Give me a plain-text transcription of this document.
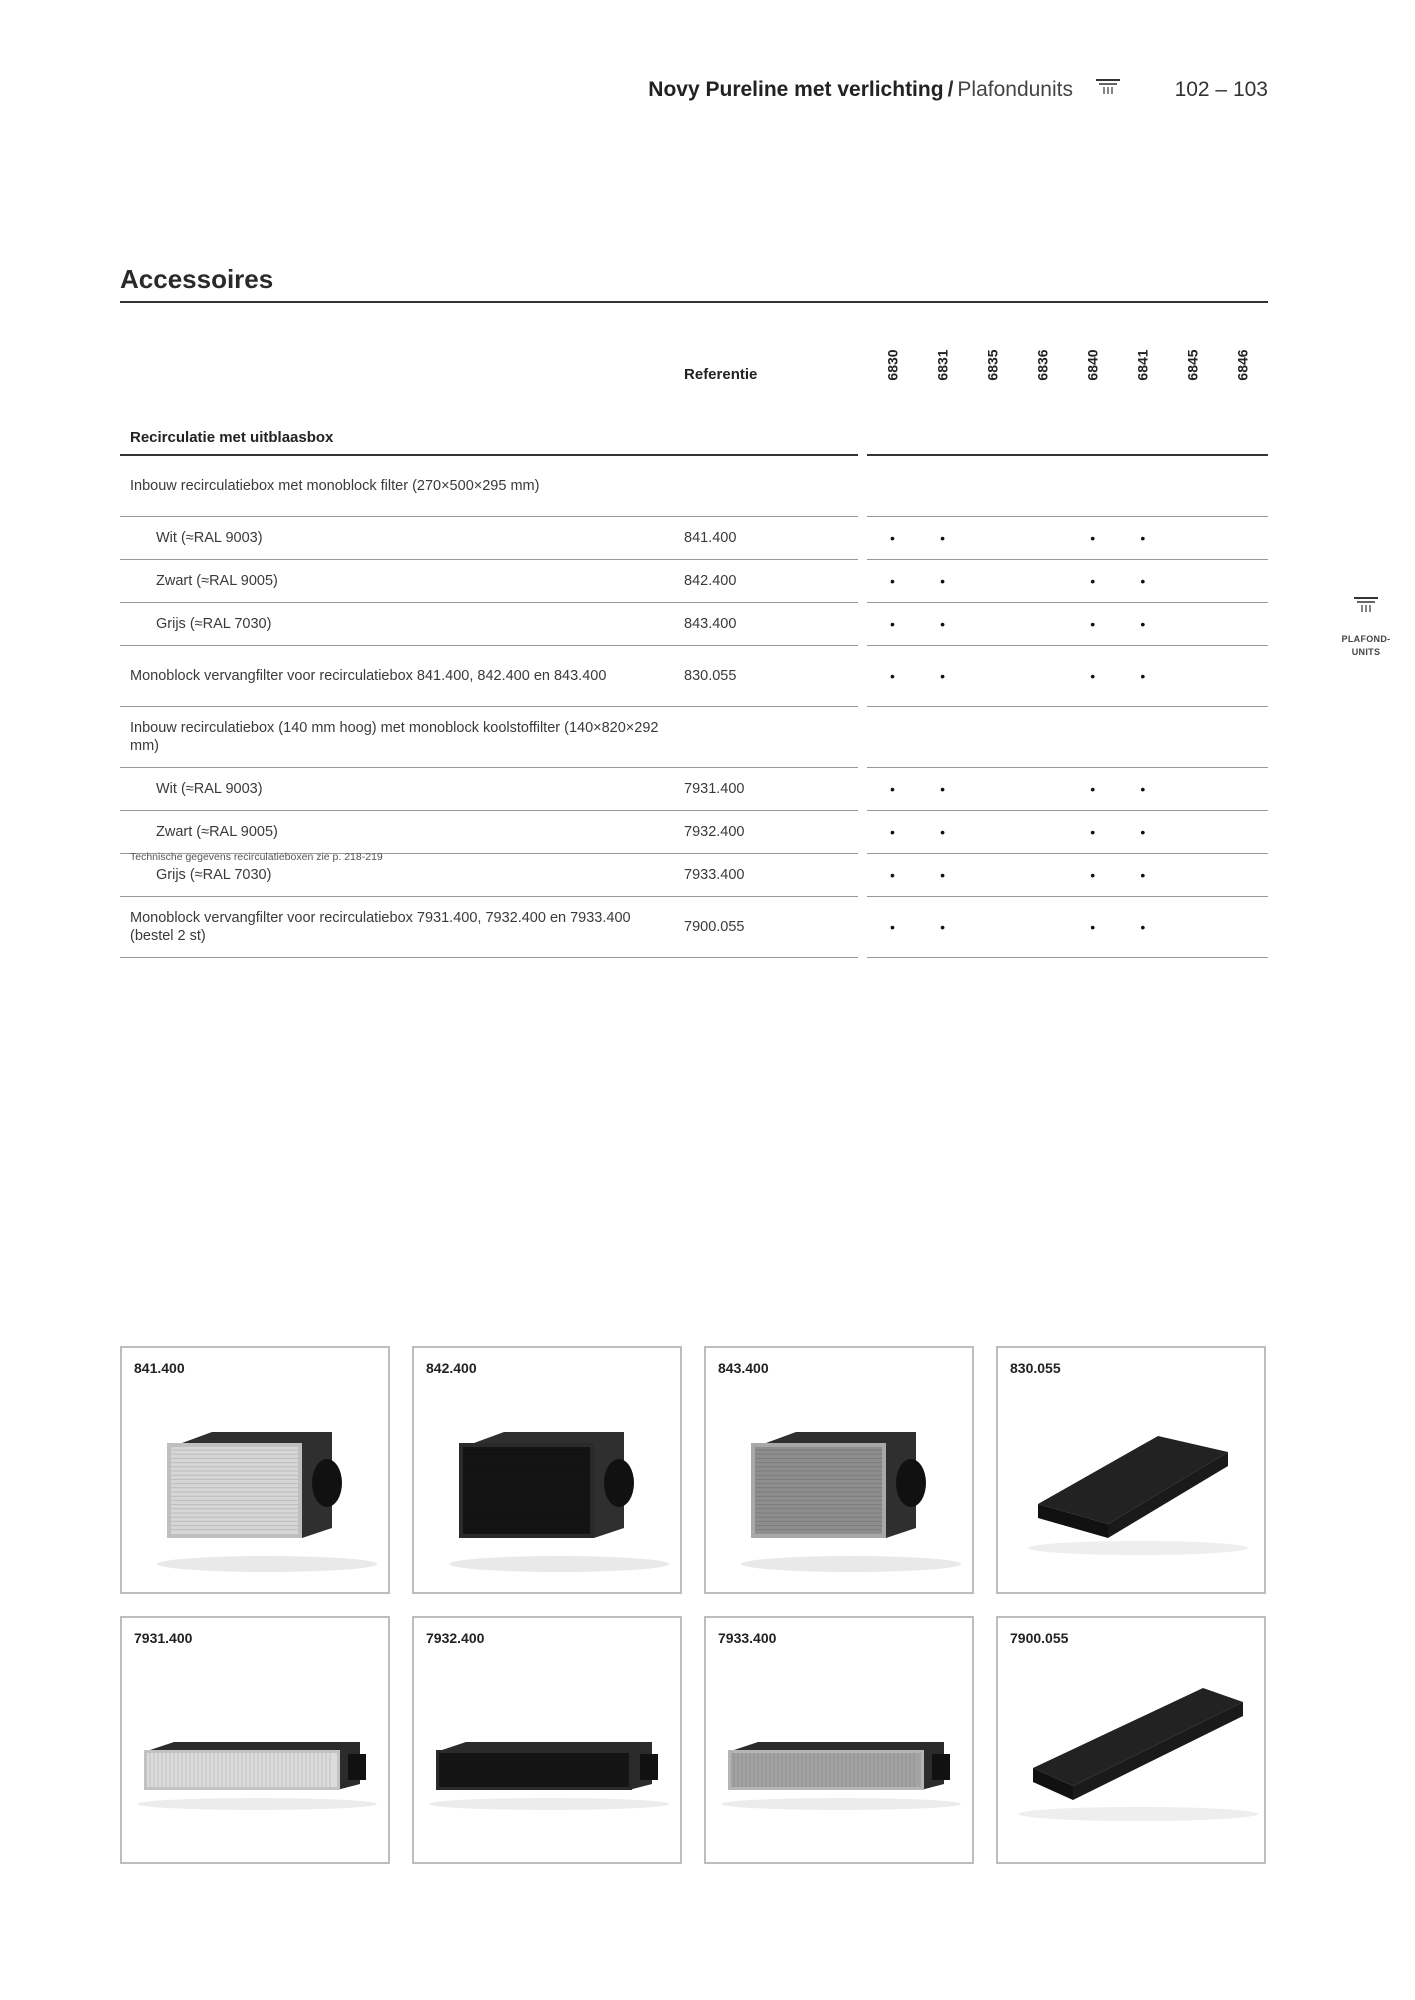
Novy Pureline met verlichting / Plafondunits	102 – 103
Accessoires
	Referentie		6830	6831	6835	6836	6840	6841	6845	6846
Recirculatie met uitblaasbox										
Inbouw recirculatiebox met monoblock filter (270×500×295 mm)										
Wit (≈RAL 9003)	841.400		•	•			•	•		
Zwart (≈RAL 9005)	842.400		•	•			•	•		
Grijs (≈RAL 7030)	843.400		•	•			•	•		
Monoblock vervangfilter voor recirculatiebox 841.400, 842.400 en 843.400	830.055		•	•			•	•		
Inbouw recirculatiebox (140 mm hoog) met monoblock koolstoffilter (140×820×292 mm)										
Wit (≈RAL 9003)	7931.400		•	•			•	•		
Zwart (≈RAL 9005)	7932.400		•	•			•	•		
Grijs (≈RAL 7030)	7933.400		•	•			•	•		
Monoblock vervangfilter voor recirculatiebox 7931.400, 7932.400 en 7933.400 (bestel 2 st)	7900.055		•	•			•	•		
Technische gegevens recirculatieboxen zie p. 218-219
PLAFOND-
UNITS
841.400	842.400	843.400	830.055
7931.400	7932.400	7933.400	7900.055
